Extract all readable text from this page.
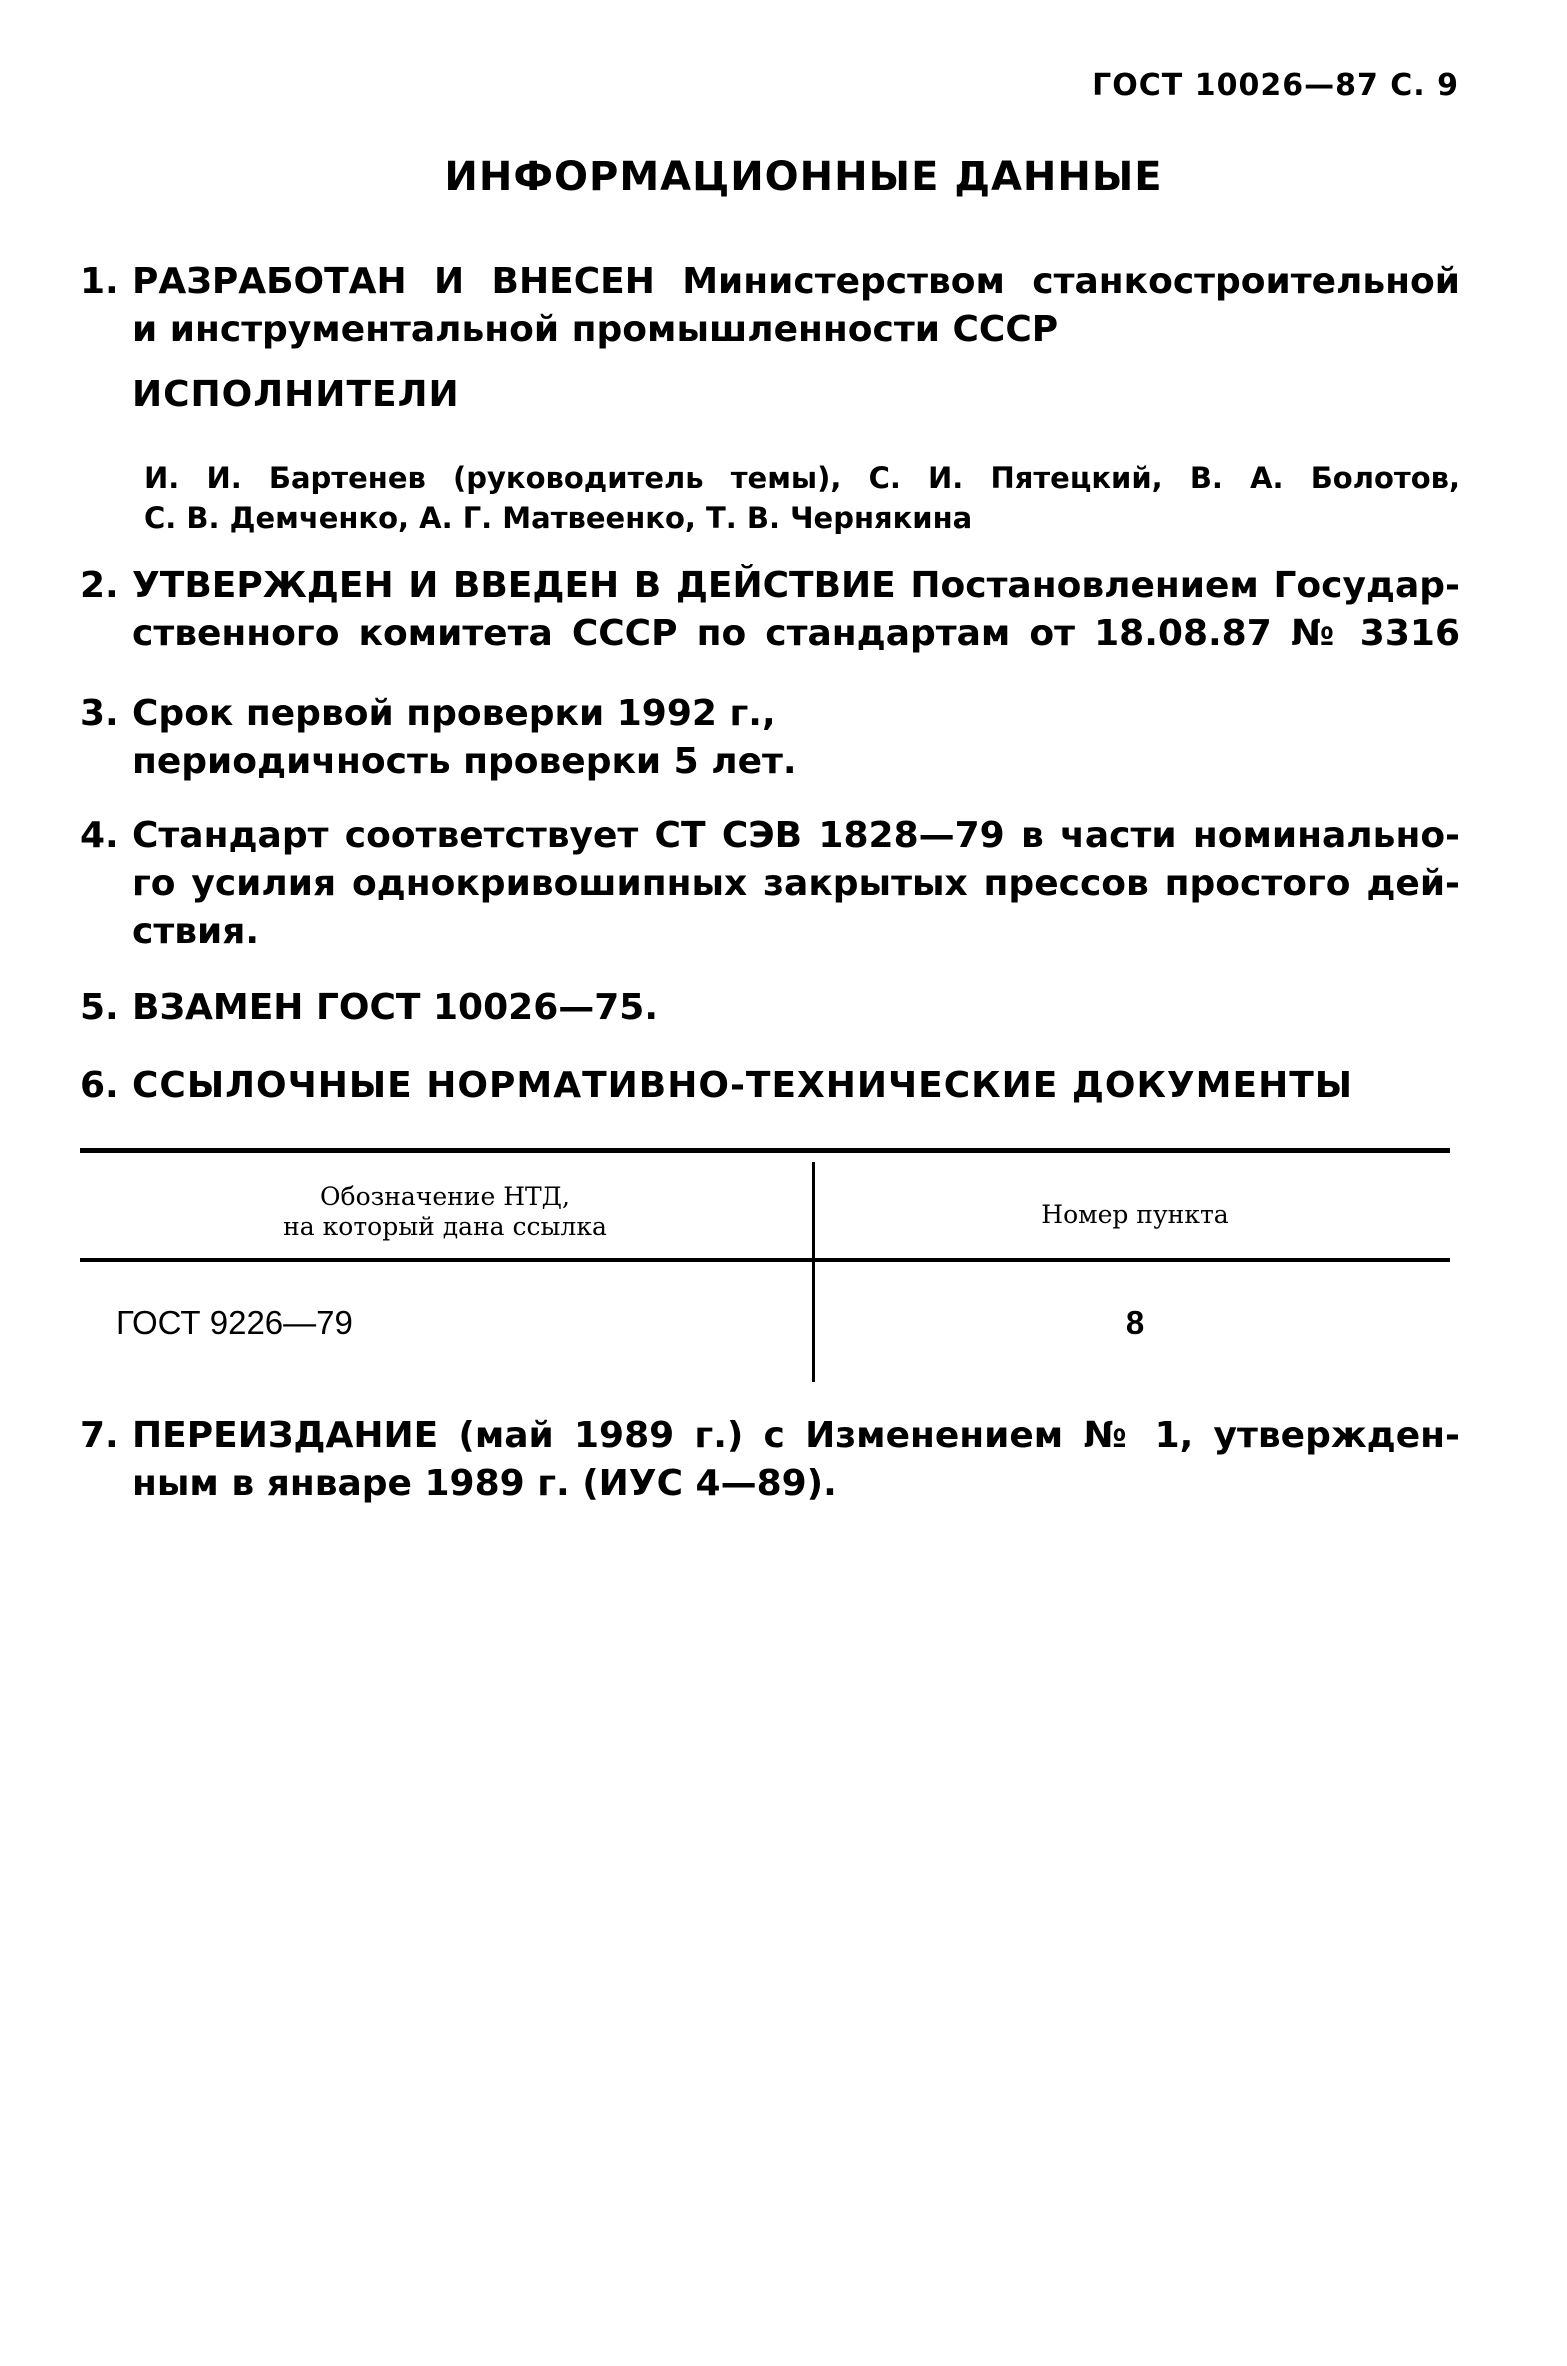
ГОСТ 10026—87 С. 9
ИНФОРМАЦИОННЫЕ ДАННЫЕ
1. РАЗРАБОТАН И ВНЕСЕН Министерством станкостроительной
и инструментальной промышленности СССР
ИСПОЛНИТЕЛИ
И. И. Бартенев (руководитель темы), С. И. Пятецкий, В. А. Болотов,
С. В. Демченко, А. Г. Матвеенко, Т. В. Чернякина
2. УТВЕРЖДЕН И ВВЕДЕН В ДЕЙСТВИЕ Постановлением Государ-
ственного комитета СССР по стандартам от 18.08.87 № 3316
3. Срок первой проверки 1992 г.,
периодичность проверки 5 лет.
4. Стандарт соответствует СТ СЭВ 1828—79 в части номинально-
го усилия однокривошипных закрытых прессов простого дей-
ствия.
5. ВЗАМЕН ГОСТ 10026—75.
6. ССЫЛОЧНЫЕ НОРМАТИВНО-ТЕХНИЧЕСКИЕ ДОКУМЕНТЫ
Обозначение НТД,
на который дана ссылка	Номер пункта
ГОСТ 9226—79	8
7. ПЕРЕИЗДАНИЕ (май 1989 г.) с Изменением № 1, утвержден-
ным в январе 1989 г. (ИУС 4—89).
